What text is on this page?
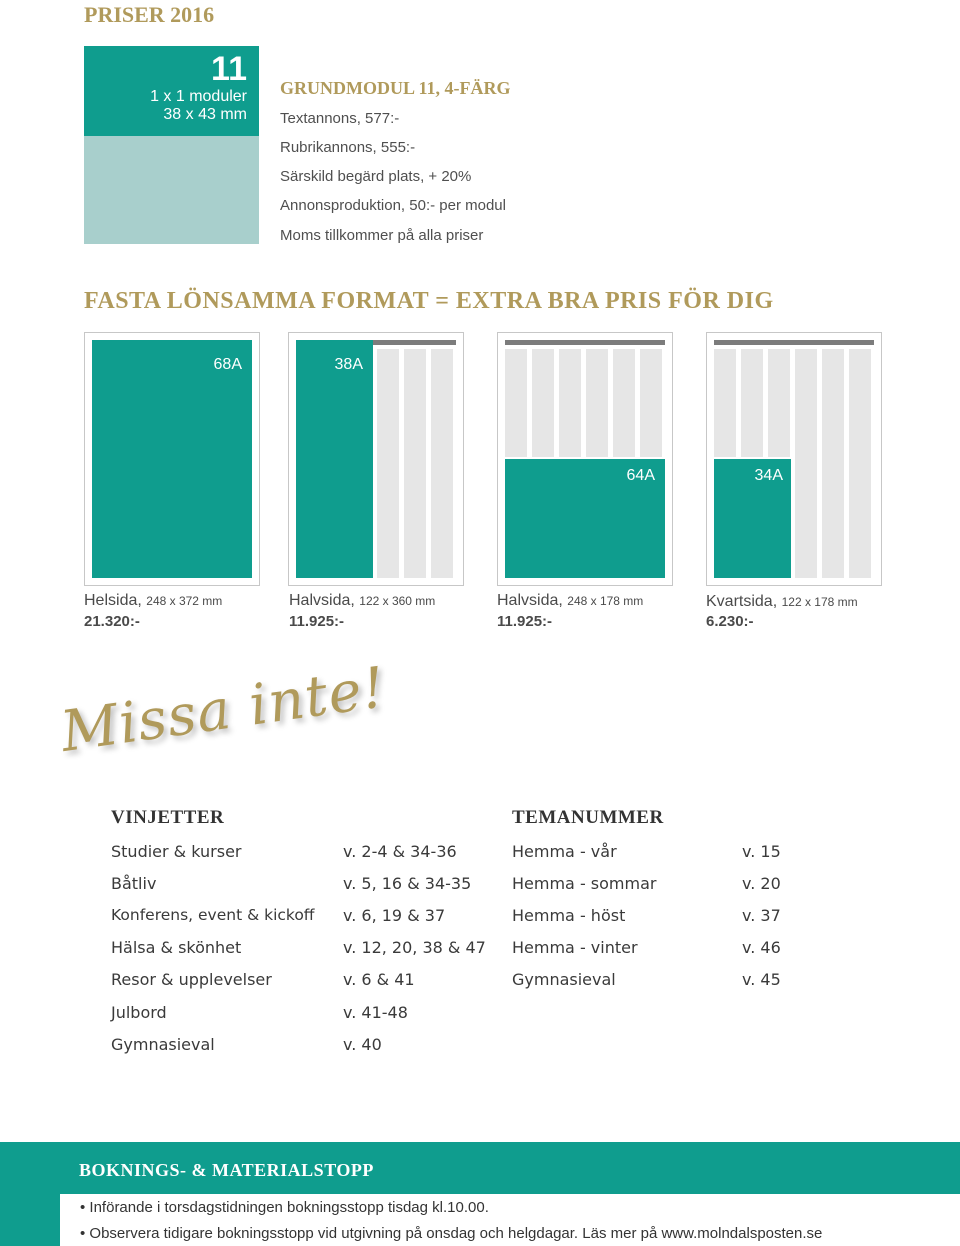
PRISER 2016
11
1 x 1 moduler
38 x 43 mm
GRUNDMODUL 11, 4-FÄRG
Textannons, 577:-
Rubrikannons, 555:-
Särskild begärd plats, + 20%
Annonsproduktion, 50:- per modul
Moms tillkommer på alla priser
FASTA LÖNSAMMA FORMAT = EXTRA BRA PRIS FÖR DIG
68A	38A
64A	34A
Helsida, 248 x 372 mm
21.320:-
Halvsida, 122 x 360 mm
11.925:-
Halvsida, 248 x 178 mm
11.925:-
Kvartsida, 122 x 178 mm
6.230:-
Missa inte!
VINJETTER
Studier & kurser	v. 2-4 & 34-36
Båtliv	v. 5, 16 & 34-35
Konferens, event & kickoff v. 6, 19 & 37
Hälsa & skönhet	v. 12, 20, 38 & 47
Resor & upplevelser	v. 6 & 41
Julbord	v. 41-48
Gymnasieval	v. 40
TEMANUMMER
Hemma - vår	v. 15
Hemma - sommar	v. 20
Hemma - höst	v. 37
Hemma - vinter	v. 46
Gymnasieval	v. 45
BOKNINGS- & MATERIALSTOPP
• Införande i torsdagstidningen bokningsstopp tisdag kl.10.00.
• Observera tidigare bokningsstopp vid utgivning på onsdag och helgdagar. Läs mer på www.molndalsposten.se
